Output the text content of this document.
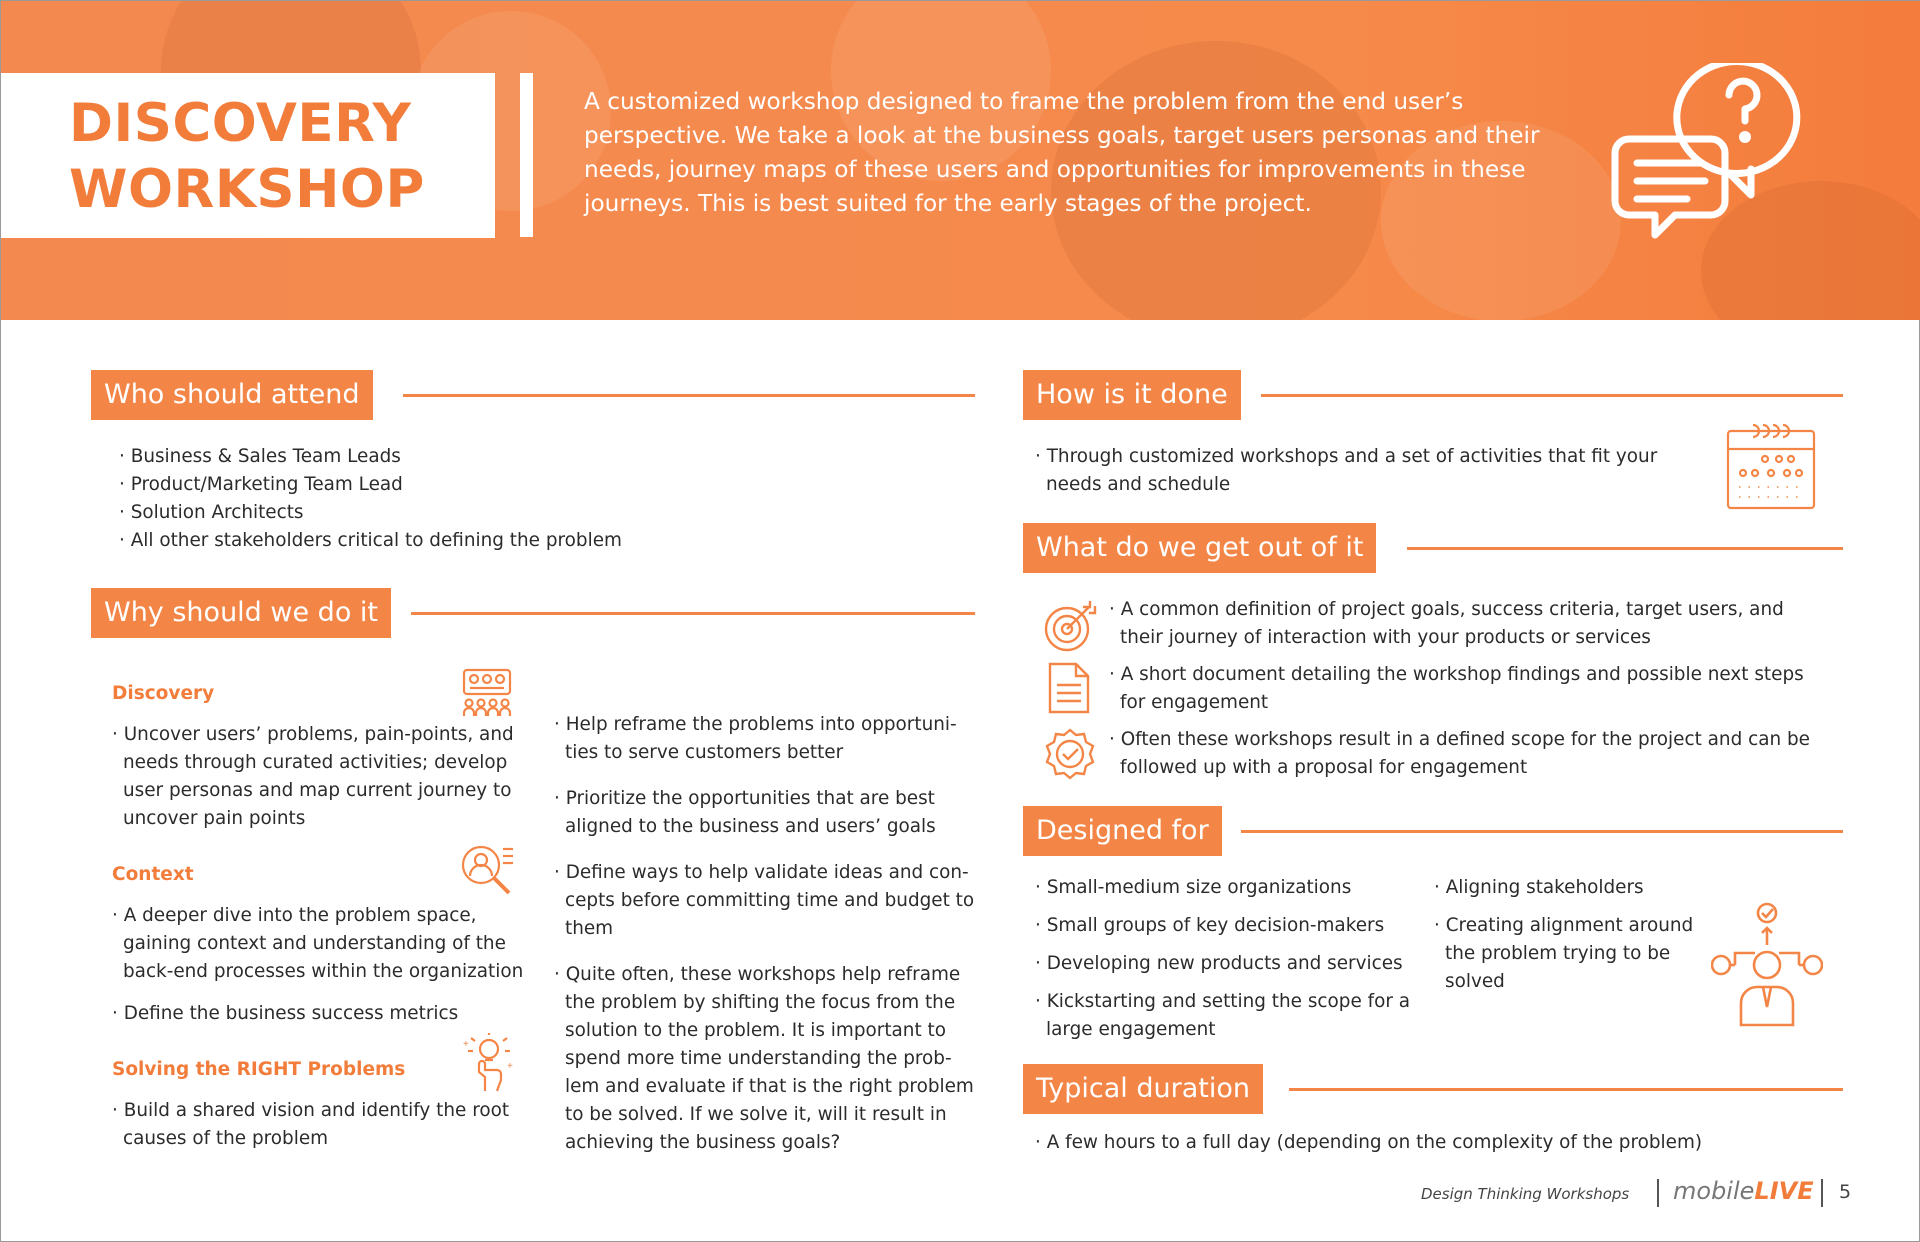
DISCOVERY
WORKSHOP
A customized workshop designed to frame the problem from the end user’s perspective. We take a look at the business goals, target users personas and their needs, journey maps of these users and opportunities for improvements in these journeys. This is best suited for the early stages of the project.
Who should attend
· Business & Sales Team Leads
· Product/Marketing Team Lead
· Solution Architects
· All other stakeholders critical to defining the problem
Why should we do it
Discovery
· Uncover users’ problems, pain-points, and needs through curated activities; develop user personas and map current journey to uncover pain points
Context
· A deeper dive into the problem space, gaining context and understanding of the back-end processes within the organization
· Define the business success metrics
Solving the RIGHT Problems
+
+
· Build a shared vision and identify the root causes of the problem
· Help reframe the problems into opportuni-ties to serve customers better
· Prioritize the opportunities that are best aligned to the business and users’ goals
· Define ways to help validate ideas and con-cepts before committing time and budget to them
· Quite often, these workshops help reframe the problem by shifting the focus from the solution to the problem. It is important to spend more time understanding the prob-lem and evaluate if that is the right problem to be solved. If we solve it, will it result in achieving the business goals?
How is it done
· Through customized workshops and a set of activities that fit your needs and schedule
What do we get out of it
· A common definition of project goals, success criteria, target users, and their journey of interaction with your products or services
· A short document detailing the workshop findings and possible next steps for engagement
· Often these workshops result in a defined scope for the project and can be followed up with a proposal for engagement
Designed for
· Small-medium size organizations
· Small groups of key decision-makers
· Developing new products and services
· Kickstarting and setting the scope for a large engagement
· Aligning stakeholders
· Creating alignment around the problem trying to be solved
Typical duration
· A few hours to a full day (depending on the complexity of the problem)
Design Thinking Workshops mobileLIVE 5
